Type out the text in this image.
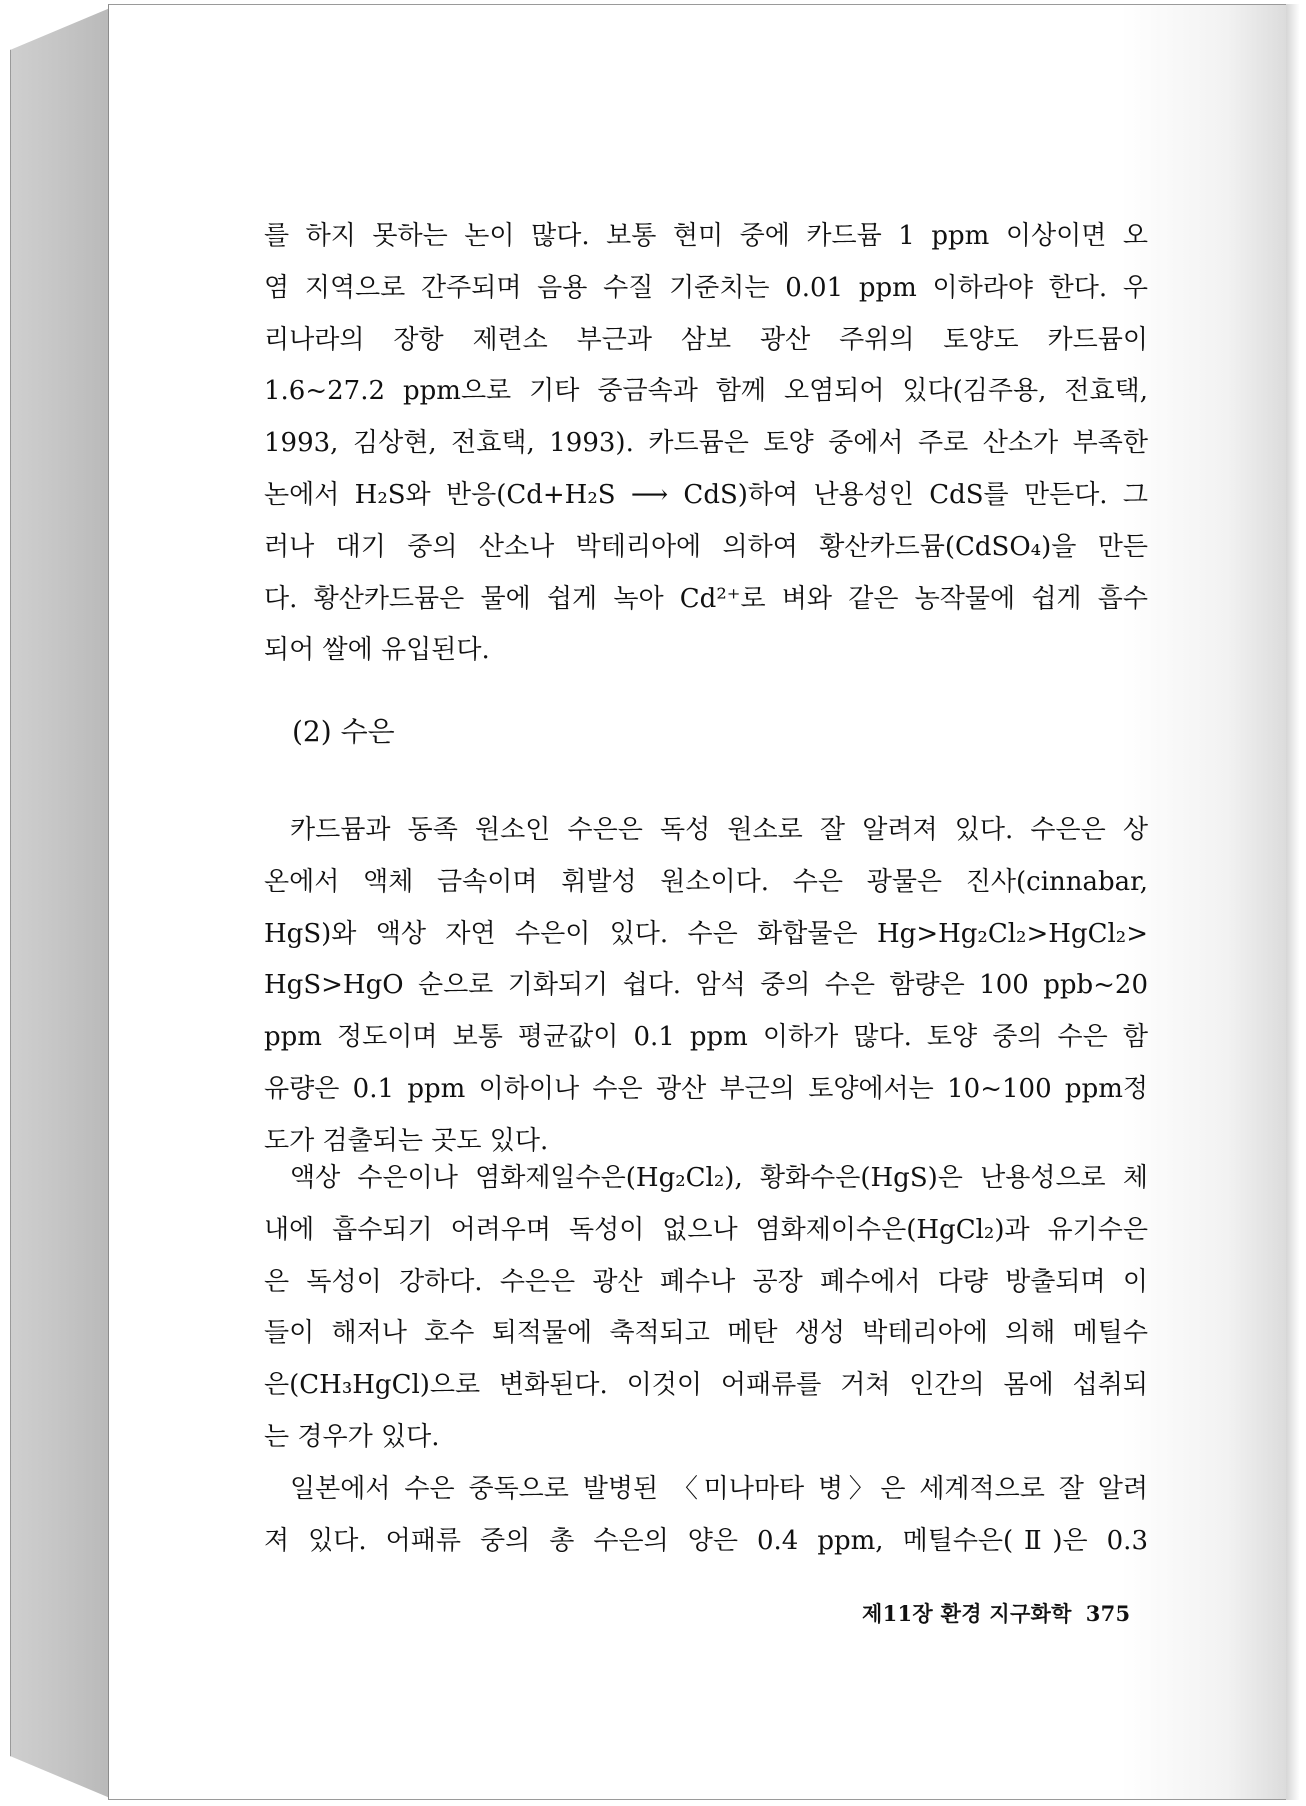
를 하지 못하는 논이 많다. 보통 현미 중에 카드뮴 1 ppm 이상이면 오
염 지역으로 간주되며 음용 수질 기준치는 0.01 ppm 이하라야 한다. 우
리나라의 장항 제련소 부근과 삼보 광산 주위의 토양도 카드뮴이
1.6~27.2 ppm으로 기타 중금속과 함께 오염되어 있다(김주용, 전효택,
1993, 김상현, 전효택, 1993). 카드뮴은 토양 중에서 주로 산소가 부족한
논에서 H₂S와 반응(Cd+H₂S ⟶ CdS)하여 난용성인 CdS를 만든다. 그
러나 대기 중의 산소나 박테리아에 의하여 황산카드뮴(CdSO₄)을 만든
다. 황산카드뮴은 물에 쉽게 녹아 Cd²⁺로 벼와 같은 농작물에 쉽게 흡수
되어 쌀에 유입된다.
(2) 수은
카드뮴과 동족 원소인 수은은 독성 원소로 잘 알려져 있다. 수은은 상
온에서 액체 금속이며 휘발성 원소이다. 수은 광물은 진사(cinnabar,
HgS)와 액상 자연 수은이 있다. 수은 화합물은 Hg>Hg₂Cl₂>HgCl₂>
HgS>HgO 순으로 기화되기 쉽다. 암석 중의 수은 함량은 100 ppb~20
ppm 정도이며 보통 평균값이 0.1 ppm 이하가 많다. 토양 중의 수은 함
유량은 0.1 ppm 이하이나 수은 광산 부근의 토양에서는 10~100 ppm정
도가 검출되는 곳도 있다.
액상 수은이나 염화제일수은(Hg₂Cl₂), 황화수은(HgS)은 난용성으로 체
내에 흡수되기 어려우며 독성이 없으나 염화제이수은(HgCl₂)과 유기수은
은 독성이 강하다. 수은은 광산 폐수나 공장 폐수에서 다량 방출되며 이
들이 해저나 호수 퇴적물에 축적되고 메탄 생성 박테리아에 의해 메틸수
은(CH₃HgCl)으로 변화된다. 이것이 어패류를 거쳐 인간의 몸에 섭취되
는 경우가 있다.
일본에서 수은 중독으로 발병된 〈미나마타 병〉은 세계적으로 잘 알려
져 있다. 어패류 중의 총 수은의 양은 0.4 ppm, 메틸수은(Ⅱ)은 0.3
제11장 환경 지구화학 375
